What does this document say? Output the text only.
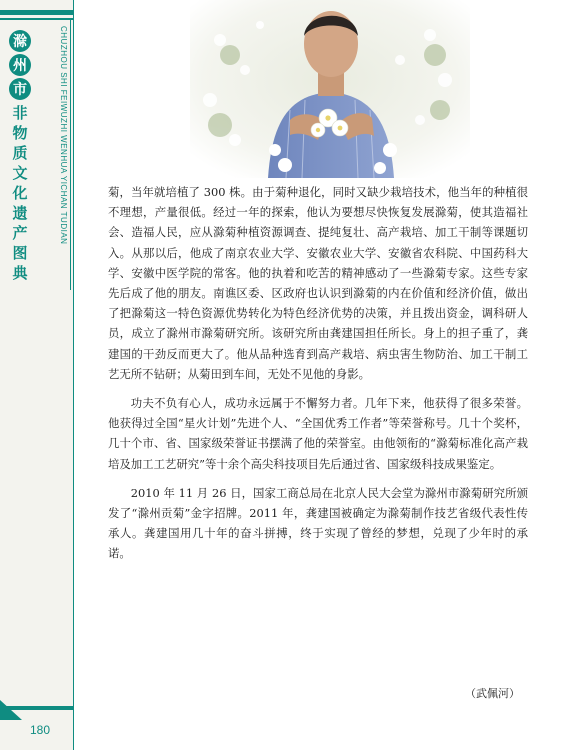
滁
州
市
非
物
质
文
化
遗
产
图
典
CHUZHOU SHI FEIWUZHI WENHUA YICHAN TUDIAN
180

菊，当年就培植了 300 株。由于菊种退化，同时又缺少栽培技术，他当年的种植很不理想，产量很低。经过一年的探索，他认为要想尽快恢复发展滁菊，使其造福社会、造福人民，应从滁菊种植资源调查、提纯复壮、高产栽培、加工干制等课题切入。从那以后，他成了南京农业大学、安徽农业大学、安徽省农科院、中国药科大学、安徽中医学院的常客。他的执着和吃苦的精神感动了一些滁菊专家。这些专家先后成了他的朋友。南谯区委、区政府也认识到滁菊的内在价值和经济价值，做出了把滁菊这一特色资源优势转化为特色经济优势的决策，并且拨出资金，调科研人员，成立了滁州市滁菊研究所。该研究所由龚建国担任所长。身上的担子重了，龚建国的干劲反而更大了。他从品种选育到高产栽培、病虫害生物防治、加工干制工艺无所不钻研；从菊田到车间，无处不见他的身影。

功夫不负有心人，成功永远属于不懈努力者。几年下来，他获得了很多荣誉。他获得过全国“星火计划”先进个人、“全国优秀工作者”等荣誉称号。几十个奖杯，几十个市、省、国家级荣誉证书摆满了他的荣誉室。由他领衔的“滁菊标准化高产栽培及加工工艺研究”等十余个高尖科技项目先后通过省、国家级科技成果鉴定。

2010 年 11 月 26 日，国家工商总局在北京人民大会堂为滁州市滁菊研究所颁发了“滁州贡菊”金字招牌。2011 年，龚建国被确定为滁菊制作技艺省级代表性传承人。龚建国用几十年的奋斗拼搏，终于实现了曾经的梦想，兑现了少年时的承诺。

（武佩河）
